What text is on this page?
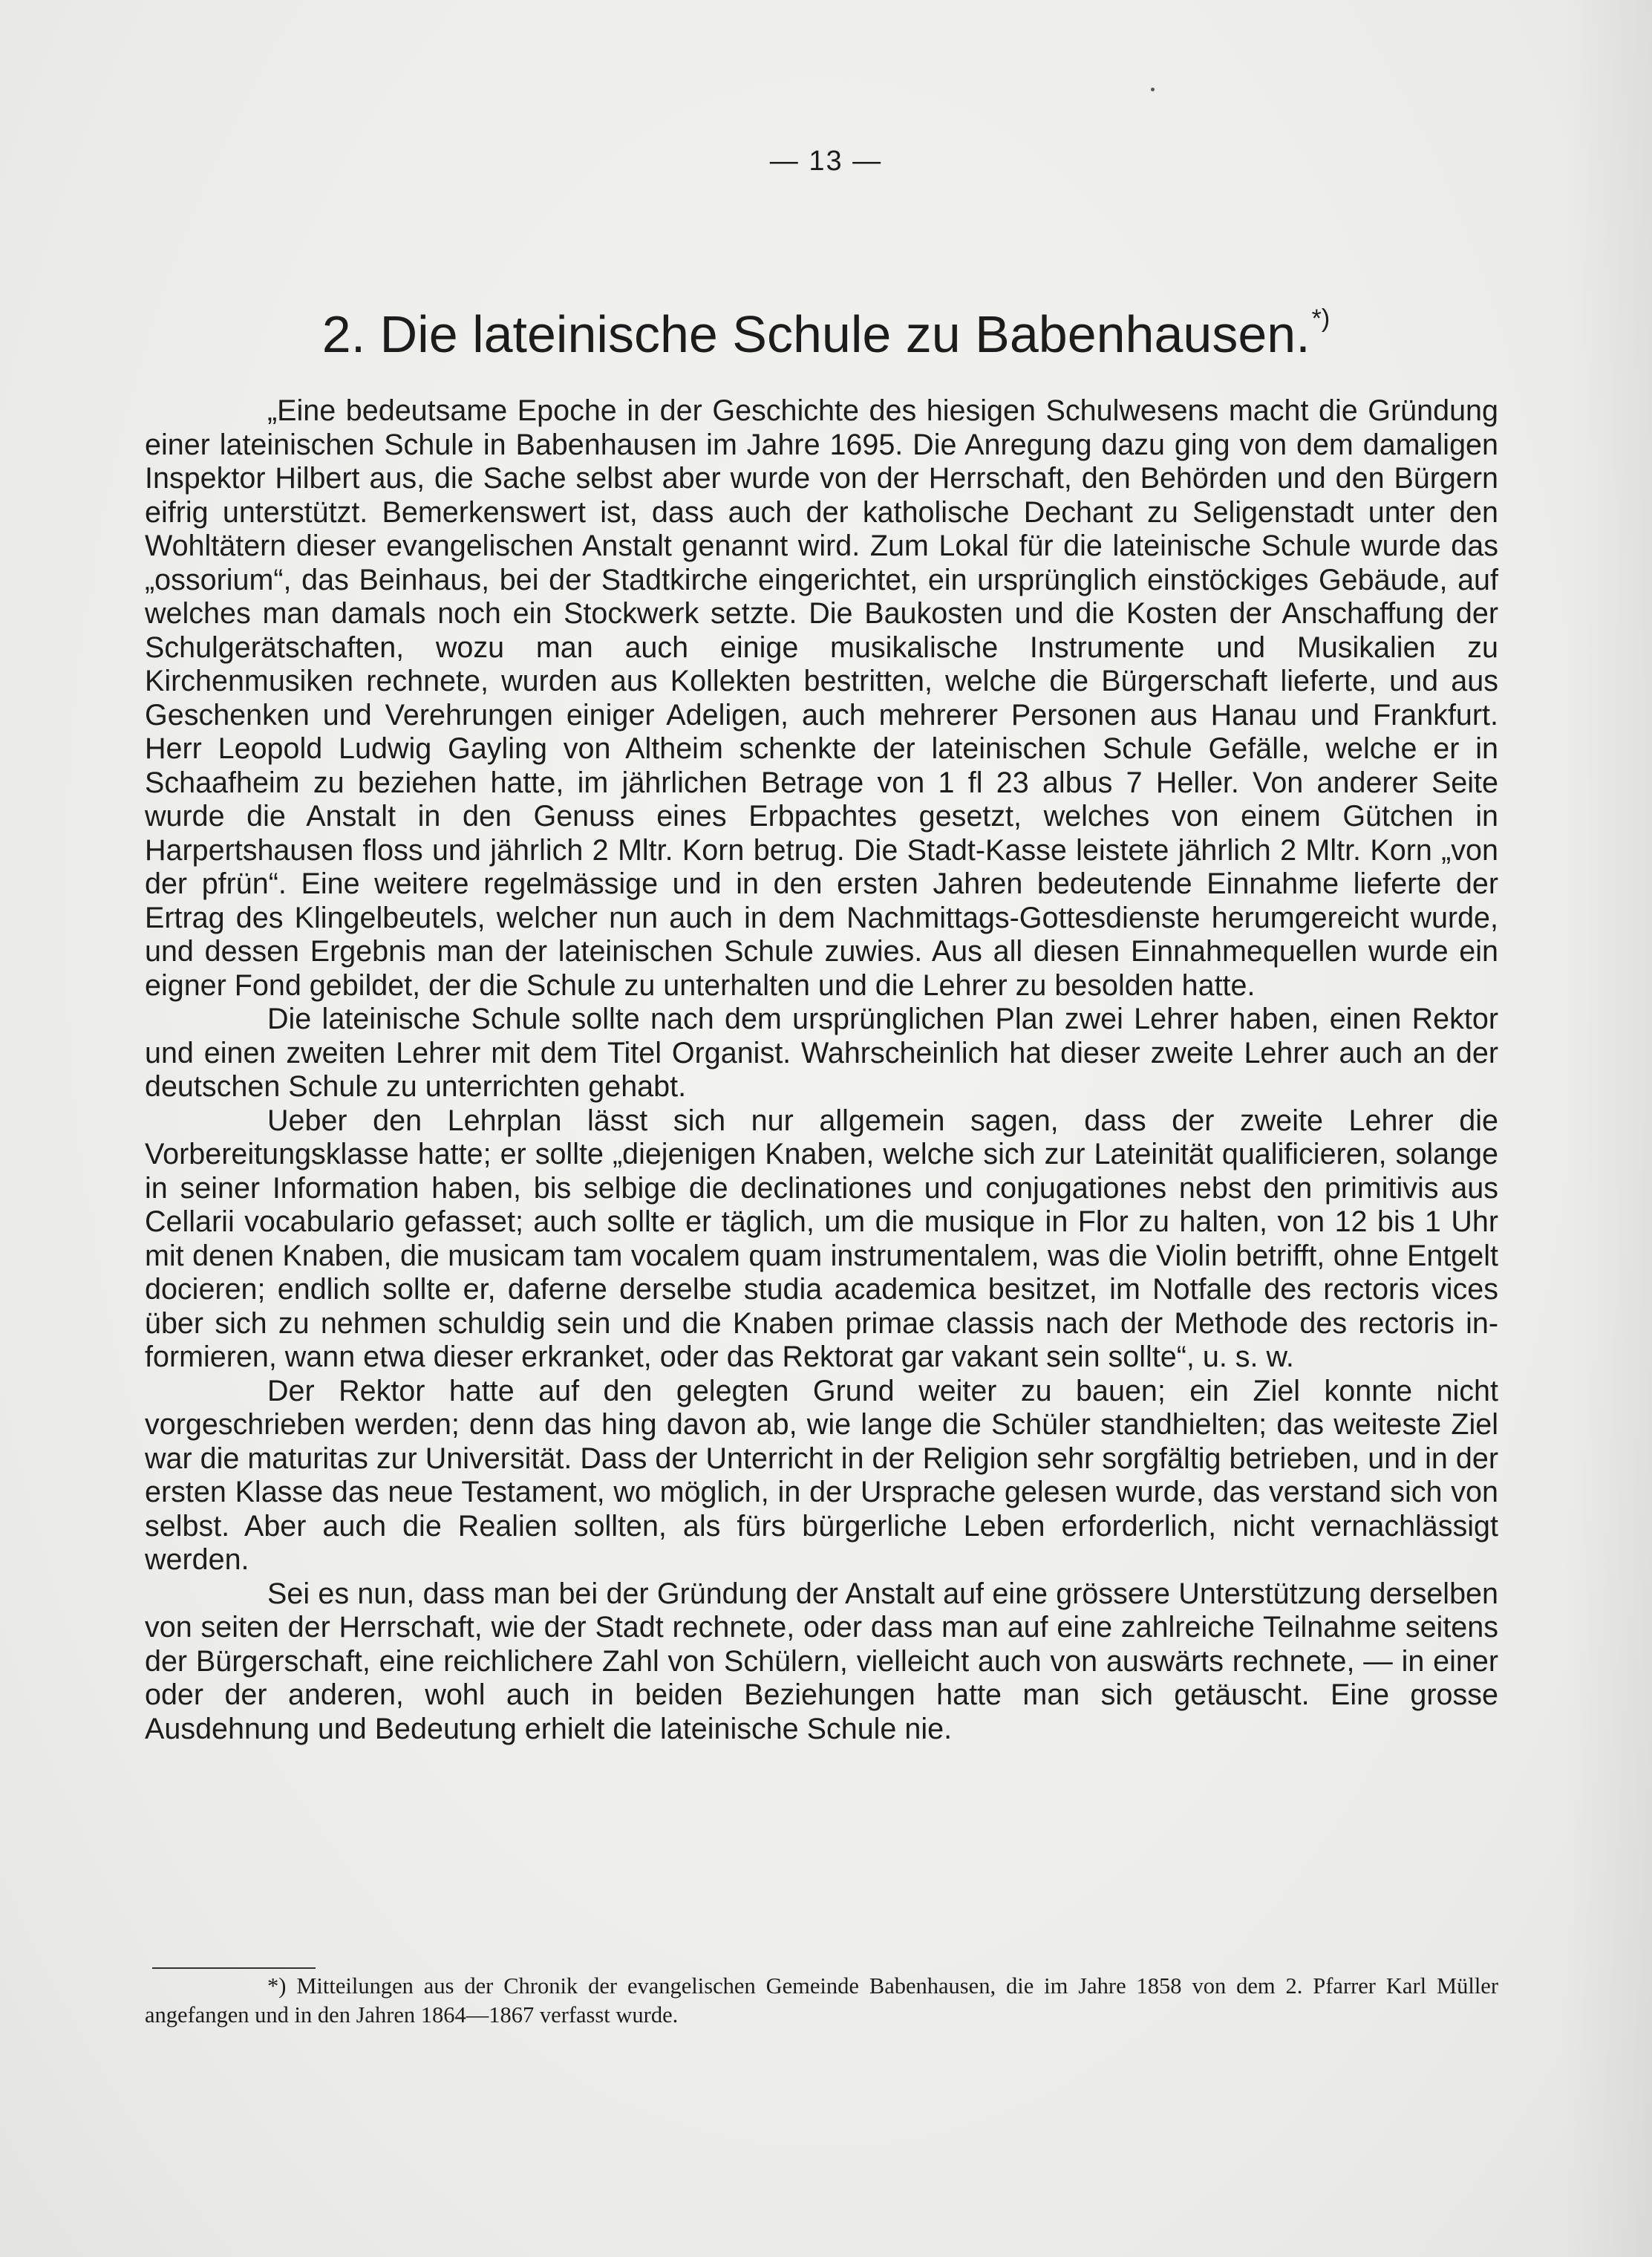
— 13 —
2. Die lateinische Schule zu Babenhausen.*)

„Eine bedeutsame Epoche in der Geschichte des hiesigen Schulwesens macht die Gründung einer lateinischen Schule in Babenhausen im Jahre 1695. Die Anregung dazu ging von dem damaligen Inspektor Hilbert aus, die Sache selbst aber wurde von der Herrschaft, den Behörden und den Bürgern eifrig unterstützt. Bemerkenswert ist, dass auch der katholische Dechant zu Seligenstadt unter den Wohltätern dieser evangelischen Anstalt genannt wird. Zum Lokal für die lateinische Schule wurde das „ossorium“, das Beinhaus, bei der Stadtkirche eingerichtet, ein ursprünglich einstöckiges Gebäude, auf welches man damals noch ein Stockwerk setzte. Die Baukosten und die Kosten der Anschaffung der Schulgerätschaften, wozu man auch einige musikalische Instrumente und Musikalien zu Kirchenmusiken rechnete, wurden aus Kollekten bestritten, welche die Bürgerschaft lieferte, und aus Geschenken und Verehrungen einiger Adeligen, auch mehrerer Personen aus Hanau und Frankfurt. Herr Leopold Ludwig Gayling von Altheim schenkte der lateinischen Schule Gefälle, welche er in Schaafheim zu beziehen hatte, im jährlichen Betrage von 1 fl 23 albus 7 Heller. Von anderer Seite wurde die Anstalt in den Genuss eines Erbpachtes gesetzt, welches von einem Gütchen in Harpertshausen floss und jährlich 2 Mltr. Korn betrug. Die Stadt-Kasse leistete jährlich 2 Mltr. Korn „von der pfrün“. Eine weitere regelmässige und in den ersten Jahren bedeutende Einnahme lieferte der Ertrag des Klingelbeutels, welcher nun auch in dem Nachmittags-Gottesdienste herumgereicht wurde, und dessen Ergebnis man der lateinischen Schule zuwies. Aus all diesen Einnahmequellen wurde ein eigner Fond gebildet, der die Schule zu unterhalten und die Lehrer zu besolden hatte.

Die lateinische Schule sollte nach dem ursprünglichen Plan zwei Lehrer haben, einen Rektor und einen zweiten Lehrer mit dem Titel Organist. Wahrscheinlich hat dieser zweite Lehrer auch an der deutschen Schule zu unterrichten gehabt.

Ueber den Lehrplan lässt sich nur allgemein sagen, dass der zweite Lehrer die Vorbereitungsklasse hatte; er sollte „diejenigen Knaben, welche sich zur Lateinität qualificieren, solange in seiner Information haben, bis selbige die declinationes und conjugationes nebst den primitivis aus Cellarii vocabulario gefasset; auch sollte er täglich, um die musique in Flor zu halten, von 12 bis 1 Uhr mit denen Knaben, die musicam tam vocalem quam instrumentalem, was die Violin betrifft, ohne Entgelt docieren; endlich sollte er, daferne derselbe studia academica besitzet, im Notfalle des rectoris vices über sich zu nehmen schuldig sein und die Knaben primae classis nach der Methode des rectoris informieren, wann etwa dieser erkranket, oder das Rektorat gar vakant sein sollte“, u. s. w.

Der Rektor hatte auf den gelegten Grund weiter zu bauen; ein Ziel konnte nicht vorgeschrieben werden; denn das hing davon ab, wie lange die Schüler standhielten; das weiteste Ziel war die maturitas zur Universität. Dass der Unterricht in der Religion sehr sorgfältig betrieben, und in der ersten Klasse das neue Testament, wo möglich, in der Ursprache gelesen wurde, das verstand sich von selbst. Aber auch die Realien sollten, als fürs bürgerliche Leben erforderlich, nicht vernachlässigt werden.

Sei es nun, dass man bei der Gründung der Anstalt auf eine grössere Unterstützung derselben von seiten der Herrschaft, wie der Stadt rechnete, oder dass man auf eine zahlreiche Teilnahme seitens der Bürgerschaft, eine reichlichere Zahl von Schülern, vielleicht auch von auswärts rechnete, — in einer oder der anderen, wohl auch in beiden Beziehungen hatte man sich getäuscht. Eine grosse Ausdehnung und Bedeutung erhielt die lateinische Schule nie.

*) Mitteilungen aus der Chronik der evangelischen Gemeinde Babenhausen, die im Jahre 1858 von dem 2. Pfarrer Karl Müller angefangen und in den Jahren 1864—1867 verfasst wurde.
